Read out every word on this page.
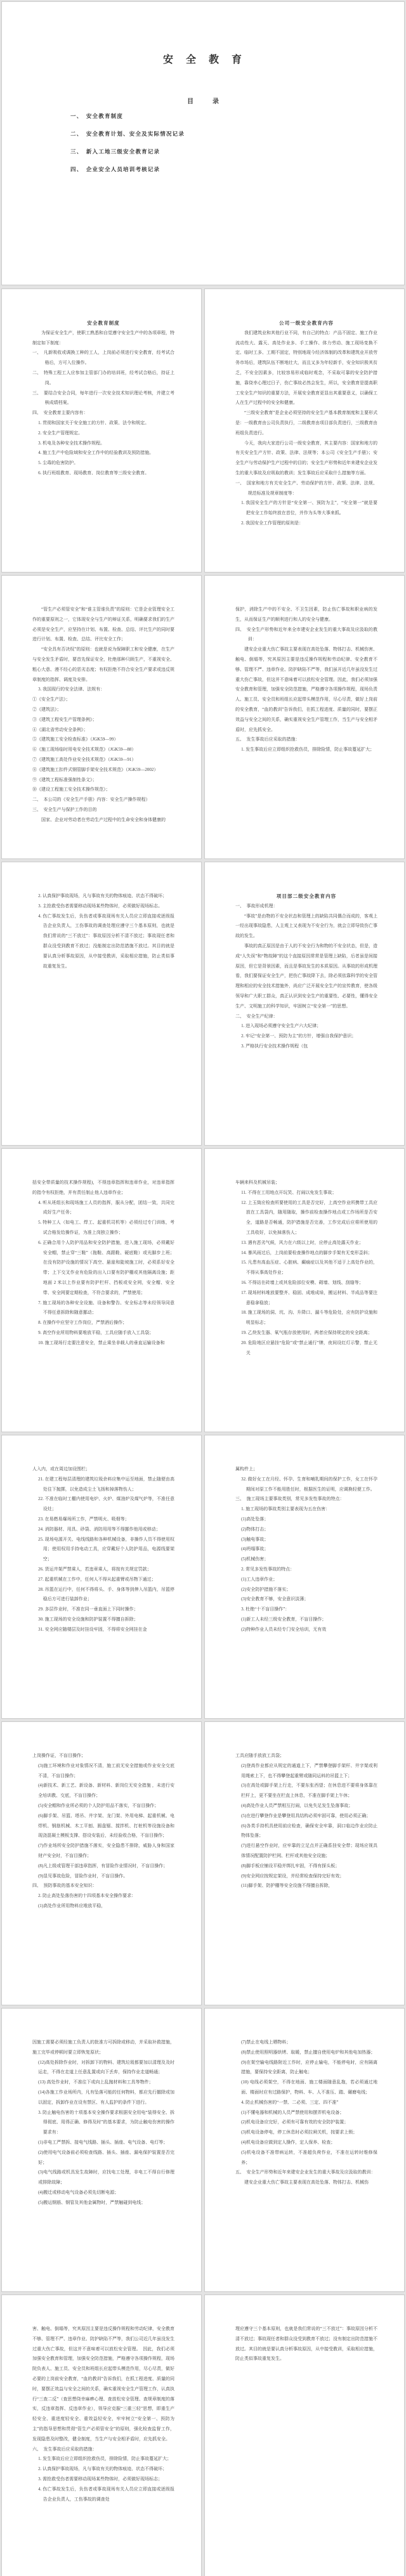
安　全　教　育
目　　　录
一、　安全教育制度
二、　安全教育计划、安全及实际情况记录
三、　新入工地三级安全教育记录
四、　企业安全人员培训考核记录

安全教育制度

为保证安全生产，使职工熟悉和自觉遵守安全生产中的各项章程，特制定如下制度：

一、　凡新吸收或调换工种的工人，上岗前必须进行安全教育，经考试合格后，方可入位操作。

二、　特殊工程工人应参加主管部门办的培训班，经考试合格后，持证上岗。

三、　要结合安全合同，每年进行一次安全技术知识理论考核，并建立考核成绩档案。

四、　安全教育主要内容有：

1. 贯彻和国家关于安全施工的方针、政策、法令和规定。

2. 安全生产管理规定。

3. 机电及各种安全技术操作规程。

4. 施工生产中危险域和安全工作中的经验教训及预防措施。

5. 尘毒的危害防护。

6. 执行班组教育、现场教育、岗位教育等三级安全教育。

公司一级安全教育内容

我们建筑业和其他行业不同，有自己的特点：产品不固定、施工作业流动性大、露天、高处作业多、手工操作、体力劳动、施工现场变换不定、临时工多、工期不固定，特别地现今经济体制的改革和建筑业开放劳务市场后，建筑队伍不断地壮大，而且又多为年轻新手，安全知识极其贫乏，不安全因素多，比较容易形成临时观念，不采取可靠的安全防护措施，靠侥幸心理过日子，伤亡事故必然会发生，所以，安全教育是提高职工安全生产知识的重要方法，开展安全教育更显出其重要意义，以确保工人在生产过程中的安全和健康。

“三级安全教育”是企业必须坚持的安全生产基本教育制度和主要形式是：一级教育由公司负责执行，二级教育由项目部负责进行，三级教育由班组负责进行。

今天，我向大家进行公司一级安全教育，其主要内容：国家和地方的有关安全生产方针、政策、法律、法规等；本公司《安全生产手册》；安全生产与劳动保护生产过程中的目的；安全生产形势和近年来建安企业发生的重大事故及应吸取的教训；发生事故后应采取什么措施等方面。

一、　国家和地方有关安全生产、劳动保护的方针、政策、法律、法规、规范标准及规章制度等：

1. 我国安全生产的方针是“安全第一、预防为主”，“安全第一”就是要把安全工作始终放在首位，并作为头等大事来抓。

2. 我国安全工作管理的原则是：

“管生产必须管安全”和“谁主管谁负责”的原则：它是企业管理安全工作的重要原则之一，它体现安全与生产的辩证关系，明确要求我们的生产必须是安全生产，应坚持在计划、布置、检查、总结、评比生产的同时要进行计划、布置、检查、总结、评比安全工作；

“安全具有否决权”的原则：也就是说为保障职工和安全健康，在生产与安全发生矛盾时，要首先保证安全，杜绝那种只顾生产，不重视安全、粗心大意、漫不经心的恶劣态度；有权拒绝不符合安全生产要求或违反规章制度的指挥、调度及安排。

3. 我国现行的安全法律、法规有：

①《安全生产法》；

②《建筑法》；

③《建筑工程安生产管理条例》；

④《湖北省劳动安全条例》；

⑤《建筑施工安全检查标准》（JGK59—99）

⑥《施工现场临时用电安全技术规范》（JGK59—88）

⑦《建筑施工高处作业安全技术规范》（JGK59—91）

⑧《建筑施工扣件式钢管脚手架安全技术规范》（JGK59—2002）

⑨《建筑工程标准强制性条文》；

⑩《建设工程施工安全技术操作规范》；

二、　本公司的《安全生产手册》内容：安全生产操作规程）

三、　安全生产与保护工作的目的

国家、企业对劳动者在劳动生产过程中的生命安全和身体健康的

保护，消除生产中的不安全、不卫生因素，防止伤亡事故和职业病的发生，从而保证生产的顺利进行和人的安全与健康。

四、　安全生产形势和近年来全市建安企业发生的重大事故及应汲取的教训：

建安企业重大伤亡事故主要表现在高处坠落、物体打击、机械伤害、触电、倒塌等，究其原因主要是违反操作规程和劳动纪律、安全教育不够、管理不严、违章作业、防护缺陷不严等，我们虽开近几年虽没发生过重大伤亡事故，但这并不意味着可以放松安全管理。因此，我们必须加强安全教育和管理，加强安全防范措施，严格遵守各项操作规程，现场负责人、施工员、安全员和班组长应起带头模范作用，尽心尽责，做好上岗前的安全教育，“血的教训”告诉我们，在抓工程进度、质量的同时，要摆正效益与安全之间的关系，确实重视安全生产管理工作，当生产与安全相矛盾时，应先抓安全。

五、　发生事故后应采取的措施：

1. 发生事故后应立即组织抢救伤员，排除险情，防止事故蔓延扩大；

2. 认真保护事故现场，凡与事故有关的物体痕迹、状态不得破坏；

3. 主抢救受伤者需要移动现场某些物体时，必须做好现场标志。

4. 伤亡事故发生后，负伤者或事故现场有关人员应立即直接或逐级报告企业负责人，工伤事故的调查处理应遵守三个基本原则，也就是我们常说的“三不放过”：事故原因分析不清不放过；事故现任者和群众没受到教育不放过；没能制定出防范措施不放过。其目的就是要认真分析事故原因，从中接受教训，采取相应措施，防止类似事故重复发生。

项目部二级安全教育内容

一、　事故形成机理：

“事故”是由物的不安全状态和管理上的缺陷共同偶合而成的，客观上一经出现事故隐患，人主观上又表现为不安全行为，就会立即导致伤亡事故的发生。

事故的真正原因是由于人的不安全行为和物的不安全状态，但是，造成“人失误”和“物故障”的这个直接原因常常是管理上缺陷，后者虽是间接原因，但它是背景因素，而且是事故发生的本质原因。从事故的形成机理看，我们要保证安全生产，把伤亡事故降下去，除必须依靠科学的安全管理和相应的安全技术措施外，尚应广泛开展安全生产的宣传教育，使各级领导和广大职工群众，真正认识到安全生产的重要性、必要性，懂得安全生产、文明施工的科学知识，牢固树立“安全第一”的思想。

二、　安全生产纪律：

1. 进入现场必须遵守安全生产六大纪律；

2. 牢记“安全第一、预防为主”的方针，增强自我保护意识；

3. 严格执行安全技术操作规程（包

括安全带质量的技术操作规程)，不得违章指挥和违章作业，对违章指挥的指令有权拒绝，并有责任制止他人违章作业；

4. 听从班组长和现场施工人员的指挥，服从分配，团结一致，共同完成好生产任务；

5. 特种工人（如电工、焊工、起重机司机等）必须经过专门训练，考试合格发给操作证，为准上岗独立操作；

6. 正确合用个人防护用品和安全防护措施，进入施工现场，必须戴好安全帽，禁止穿“三鞋”（拖鞋、高跟鞋、硬底鞋）或光脚步上班；在没有防护设施的情况下高空、悬崖和陡坡施工时，必须系好安全带；上下交叉作业有危险的出入口要有防护棚或其他隔离设施；距地面 2 米以上作业要有防护栏杆、挡板或安全网，安全帽、安全带、安全网要定期检查，不符合要求的，严禁使用；

7. 施工现场的各种安全设施、设备和警告、安全标志等未经领导同意不得任意拆除和随意挪动；

8. 在操作中应坚守工作岗位，严禁酒后操作；

9. 高空作业所用物料要堆放平稳，工具应随手放入工具袋；

10. 施工现场行走要注意安全，禁止乘坐非载人的垂直运输设备和

车辆来科及机械吊装；

11. 不得在工用地点开玩笑、打闹以免发生事故；

12. 上玉筒应检查所要使用的工具是否完好，上高空作业所携带工具应放在工具袋内，随用随取，操作前检查操作地点或工作场所是否安全，道路是否畅通，防护措施是否完善，工作完成后应将所使用的工具收好，以免掉落伤人；

13. 遇有恶劣气候，风力在六级以上时，应停止高处露天作业；

14. 暴风雨过后，上岗前要检查操作地点的脚步手架有无变形歪斜；

15. 凡患有高血压症、心脏病、癫痫症以及其他不适于上高处作业的，不得从事高处作业；

16. 不得站在砖墙上或其危险部位安模、砌墙、划线、刮缝等；

17. 现场材料堆放要整齐、稳固、成堆成垛，搬运材料、半成品等要注意稳拿稳放；

18. 施工现场的洞、坑、沟、升降口、漏斗等危险处，应有防护设施和明显标志；

19. 乙炔发生器、氧气瓶存放使用时，两者应保持规定的安全距离；

20. 危险地区应悬挂“危险”或“禁止通行”牌，夜间设红灯示警，禁止无关

人入内，或在周边加设围栏；

21. 在建工程每层清理的建筑垃圾余料应集中运至地面，禁止随便由高处往下抛掷，以免造成尘土飞扬和掉落物伤人；

22. 不准在临时工棚内使用电炉、火炉、煤油炉及煤气炉等，不准任意设灶；

23. 在易燃易爆场所工作，严禁明火、吸烟等；

24. 消防器材、用具、砂袋、消防用用等不得挪作他用或移动；

25. 现场电源开关、电线线路和各种机械设备，非操作人员不得使用权用；使用权用手持电动工具，应穿戴好个人防护用品，电源线要架空；

26. 货运井架严禁乘人，若违章乘人，将按有关规定罚款；

27. 起重机械在工作中，任何人不得从起重臂或吊物下通过；

28. 吊篮在运行中，任何不得将头、手、身体等到伸入吊篮内，吊篮停稳后方可进行装卸作业；

29. 多层作业时，不准在同一垂直面上下同时操作；

30. 施工现场的安全设施和防护装置不得擅自拆除；

31. 安全网应随楼层及时挂设牢固，不得将安全网挂在金

属构件上；

32. 做好女工在月经、怀孕、生育和哺乳期间的保护工作，女工在怀孕期间对原工作不能用胜任时，根据医生的证明，应调换轻便工作。

三、　施工现场主要事故类别，常见多发性事故的特点：

1. 施工现场的事故类别主要表现为五在伤害：

(1)高处坠落；

(2)物体打击；

(3)触电事故；

(4)坍塌事故；

(5)机械伤害；

2. 常见多发性事故的特点：

(1)工人违章作业；

(2)安全防护措施不落实；

(3)安全教育不够，安全意识淡薄；

3. 杜绝“十不盲目操作”：

(1)新工人未经三级安全教育，不盲目操作；

(2)特种作业人员未经专门安全培训，无有效

上岗操作证，不盲目操作；

(3)施工环境和作业对象情况不清，施工前无安全措施或作业安全交底不清，不盲目操作；

(4)新技术、新工艺、新设备、新材料、新岗位无安全措施 ，未进行安全培训教、交底，不盲目操作；

(5)安全帽和作业所必须的个人防护用品不落实，不盲目操作；

(6)脚手架、吊篮、塔吊、井字架、龙门架、外用电梯、起重机械、电焊机、钢筋机械、木工平刨、圆盘锯、搅拌机、打桩机等设施设备和现浇混凝土模板支撑、搭设安装后，未经验收合格，不盲目操作；

(7)作业场所安全防护措施不落实，安全隐患不排除，威胁人身和国家财产安全时，不盲目操作；

(8)凡上级或管理干部违章指挥，有冒险作业情况时，不盲目操作；

(9)显见事故危险，冒险作业时，不盲目操作。

四、　预防事故的基本安全知识：

2. 防止高处坠落伤害的十四项基本安全操作要求：

(1)高处作业所用物料应堆放平稳，

工具应随手放放工具袋；

(2)登高作业都应从规定的通道上下，严禁攀登脚手架杆、井字架或利用绳索上下，也不得攀登起重臂或随同运料的吊篮上下；

(3)在高处或脚手架上行走，不要东张西望；在休息进不要将身体靠在栏杆上，更不要坐在栏直上休息，不准在脚手架上午休；

(4)高处作业人员严禁相互打闹，以免失足发生坠落事故；

(5)在进行攀登作业是攀登用具结构必须牢固可靠，使用必须正确；

(6)各类手持机具使用前应检查，确保安全牢靠，洞口临边作业应防止物体坠落；

(7)进行悬空作业时，应牢靠的立足点并正确系挂安全带；现场应视具体情况配置防护栏网、栏杆或其他安全设施；

(8)脚手板应铺设平稳并绑扎牢固，不得有探头板；

(9)安全网应按规定架设，并经常检查保持完好有效；

(11)脚手架、防护棚等安全设施不得擅自拆除，

因施工需要必须经施工负责人的批准方可拆除或移动，并采取补救措施，施工完毕或停顿时要立即恢复原状；

(12)高处拆除作业时，对拆卸下的物料、建筑垃圾都要加以清理及及时运走，不得在走道上任意乱置或向下丢弃，保持作业走道畅通；

(13) 高处作业时，不准往下或向上乱抛材料和工具等物件；

(14)各施工作业场所内，凡有坠落可能的任何物料，都应先行撤除或加以固定，拆卸作业在设有禁区、有人监护的条件下进行。

3. 防止触电伤害的十项基本安全操作要求根据安全用电“装得安全、拆得彻底、用得正确、修得及时”的基本要求，为防止触电伤害的操作要求有：

(1)非电工严禁拆、接电气线路、插头、插座、电气设备、电灯等；

(2)使用电气设备前必须检查线路、插头、插座、漏电保护装置是否完好；

(3)电气线路或机具发生故障时，应找电工处理，非电工不得自行修理或排除故障；

(4)搬迁或移动电气设备必须先切断电源；

(5)搬运钢筋、钢管及其他金属物时，严禁触碰到电线；

(7)禁止在电线上晒物料；

(8)禁止使用照明器烘烤、取暖，禁止擅自使用电炉和其他电加热器；

(9)在架空输电线路附近工作时，应停止输电，不能停电时，应有隔离措施，要保持安全距离，防止触电；

(10) 电线必须架空，不得在地面、施工楼面随意乱拖，若必须通过地面、楼面时应有过路保护，物料、车、人不准压、踏、碾磨电线；

4. 防止机械伤害的“一禁、二必须、三定、四不准”

(1)不懂电器和机械的人员严禁使用和摆弄机电设备；

(2)机电设备应完好，必须有可靠有效的安全防护装置；

(3)机电设备停电，停工休息时必须拉闸关机，按要求上锁；

(4)机电设备应做到定人操作，定人保养、检查；

(5)机电设备不准带病运转，不准超负荷作业，不准在运转时维修保养；

五、　安全生产形势和近年来建安企业发生的重大事故及应汲取的教训：

建安企业重大伤亡事故主要表现在高处坠落、物体打击、机械伤

害、触电、倒塌等，究其原因主要是违反操作规程和劳动纪律，安全教育不够、管理不严、违章作业、防护缺陷不严等，我们公司近几年虽没发生过重大伤亡事故，但这并不意味着可以放松安全管理。　因此，我们必须加强安全教育和管理，加强安全防范措施，严格遵守各项操作规程，现场院负表人、施工员、安全员和班组长应起带头模范作用，尽心尽责，做好必要的上岗前安全教育，“血的教训”告诉我们，在抓工程进度、质量的同时，要摆正效益与安全之间的关系，确实重视安全生产管理工作，认真执行“三查二反”（查思想侥幸麻痹心理、查放松安全管理、查规章制度的落实，反违章指挥、反违章作业），领导应克服“三重三轻”思想，即重生产轻安全、重进度轻安全、重效益轻安全，牢牢树立“安全第一、预防为主”的指导思想和贯彻“管生产必须管安全”的原则，强化检查监督工作，发现隐患及时整改，健全制度，当生产与安全相矛盾时，应先抓安全。

六、　发生事故后应采取的措施：

1. 发生事故后应立即组织抢救伤员，排除险情，防止事故蔓延扩大；

2. 认真保护事故现场，凡与事故有关的物体痕迹、状态不得破坏；

3. 需抢救受伤者需要移动现场某些物体时，必须做好现场标志；

4. 伤亡事故发生后，负伤者或事故现场有关人员应立即直接或逐级报告企业负责人，工伤事故的调查处

理应遵守三个基本原则，也就是我们常说的“三不放过”：事故原因分析不清不放过；事故现任者和群众没受到教育不放过；没有制定出防范措施不放过。其目的就是要认真分析事故原因，从中接受教训，采取相应措施，防止类似事故重复发生。
